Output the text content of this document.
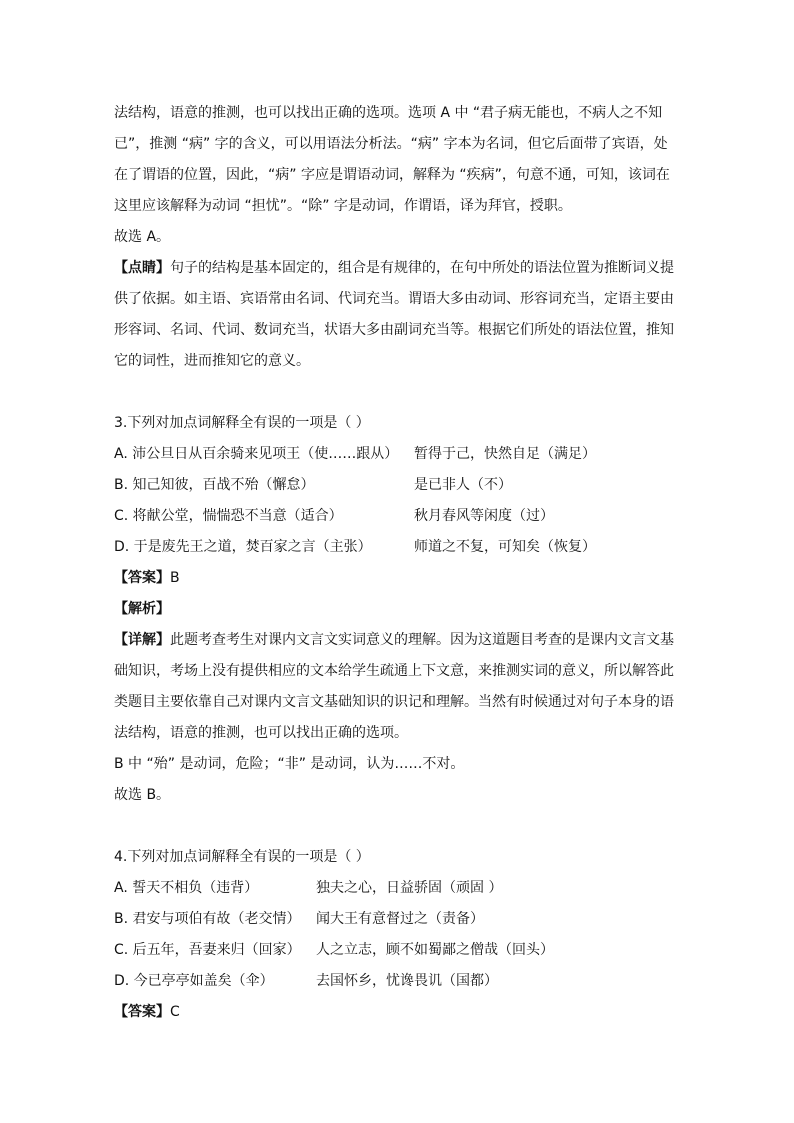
法结构，语意的推测，也可以找出正确的选项。选项 A 中 “君子病无能也，不病人之不知
已”，推测 “病” 字的含义，可以用语法分析法。“病” 字本为名词，但它后面带了宾语，处
在了谓语的位置，因此，“病” 字应是谓语动词，解释为 “疾病”，句意不通，可知，该词在
这里应该解释为动词 “担忧”。“除” 字是动词，作谓语，译为拜官，授职。
故选 A。
【点睛】句子的结构是基本固定的，组合是有规律的，在句中所处的语法位置为推断词义提
供了依据。如主语、宾语常由名词、代词充当。谓语大多由动词、形容词充当，定语主要由
形容词、名词、代词、数词充当，状语大多由副词充当等。根据它们所处的语法位置，推知
它的词性，进而推知它的意义。
3.下列对加点词解释全有误的一项是（ ）
A. 沛公旦日从百余骑来见项王（使……跟从）	暂得于己，快然自足（满足）
B. 知己知彼，百战不殆（懈怠）	是已非人（不）
C. 将献公堂，惴惴恐不当意（适合）	秋月春风等闲度（过）
D. 于是废先王之道，焚百家之言（主张）	师道之不复，可知矣（恢复）
【答案】B
【解析】
【详解】此题考查考生对课内文言文实词意义的理解。因为这道题目考查的是课内文言文基
础知识，考场上没有提供相应的文本给学生疏通上下文意，来推测实词的意义，所以解答此
类题目主要依靠自己对课内文言文基础知识的识记和理解。当然有时候通过对句子本身的语
法结构，语意的推测，也可以找出正确的选项。
B 中 “殆” 是动词，危险；“非” 是动词，认为……不对。
故选 B。
4.下列对加点词解释全有误的一项是（ ）
A. 誓天不相负（违背）	独夫之心，日益骄固（顽固 ）
B. 君安与项伯有故（老交情）	闻大王有意督过之（责备）
C. 后五年，吾妻来归（回家）	人之立志，顾不如蜀鄙之僧哉（回头）
D. 今已亭亭如盖矣（伞）	去国怀乡，忧谗畏讥（国都）
【答案】C
